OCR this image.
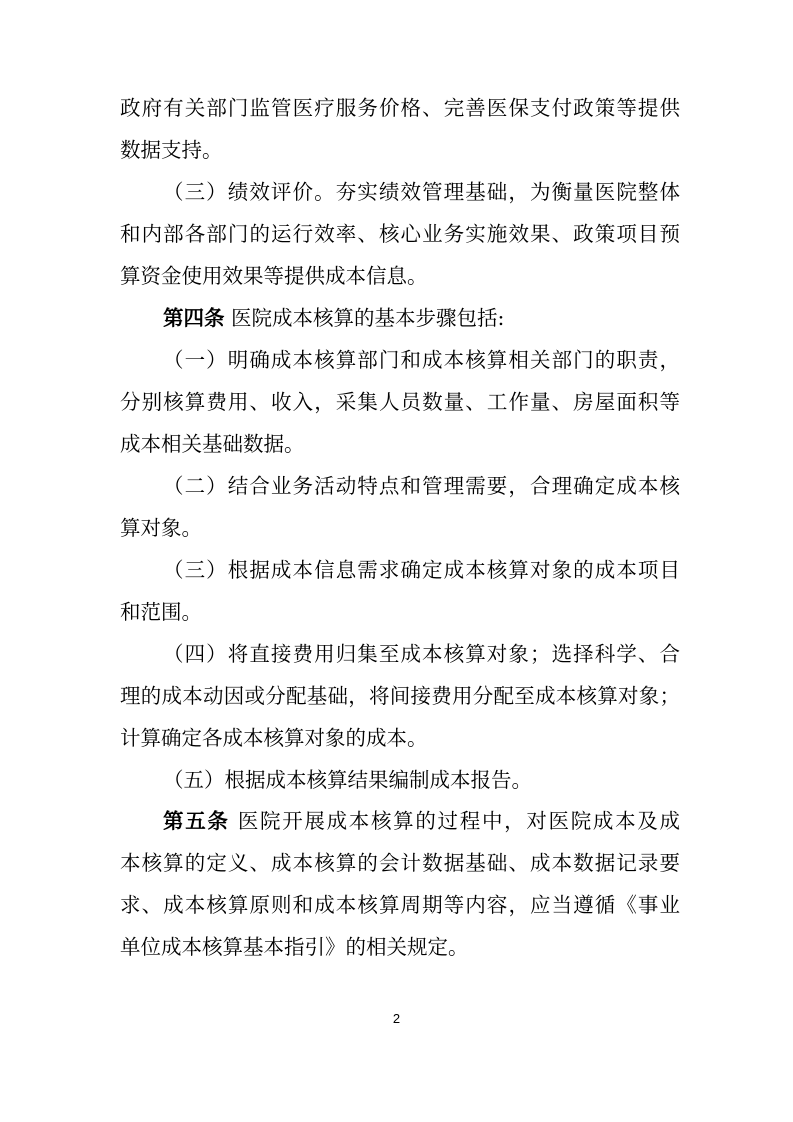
政府有关部门监管医疗服务价格、完善医保支付政策等提供
数据支持。
（三）绩效评价。夯实绩效管理基础，为衡量医院整体
和内部各部门的运行效率、核心业务实施效果、政策项目预
算资金使用效果等提供成本信息。
第四条 医院成本核算的基本步骤包括:
（一）明确成本核算部门和成本核算相关部门的职责，
分别核算费用、收入，采集人员数量、工作量、房屋面积等
成本相关基础数据。
（二）结合业务活动特点和管理需要，合理确定成本核
算对象。
（三）根据成本信息需求确定成本核算对象的成本项目
和范围。
（四）将直接费用归集至成本核算对象；选择科学、合
理的成本动因或分配基础，将间接费用分配至成本核算对象；
计算确定各成本核算对象的成本。
（五）根据成本核算结果编制成本报告。
第五条 医院开展成本核算的过程中，对医院成本及成
本核算的定义、成本核算的会计数据基础、成本数据记录要
求、成本核算原则和成本核算周期等内容，应当遵循《事业
单位成本核算基本指引》的相关规定。
2
